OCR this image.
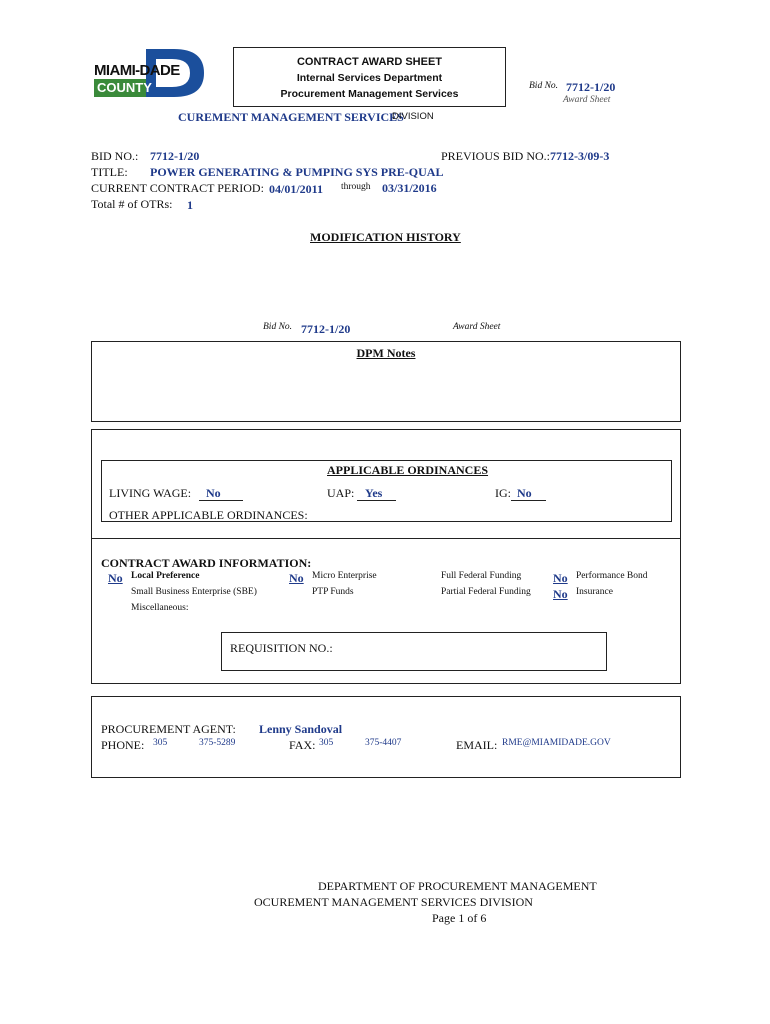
MIAMI-DADE
COUNTY
CONTRACT AWARD SHEET
Internal Services Department
Procurement Management Services
Bid No. 7712-1/20
Award Sheet
CUREMENT MANAGEMENT SERVICES
DIVISION
BID NO.: 7712-1/20	PREVIOUS BID NO.: 7712-3/09-3
TITLE: POWER GENERATING & PUMPING SYS PRE-QUAL
CURRENT CONTRACT PERIOD: 04/01/2011 through 03/31/2016
Total # of OTRs: 1
MODIFICATION HISTORY
Bid No. 7712-1/20	Award Sheet
DPM Notes
APPLICABLE ORDINANCES
LIVING WAGE: No	UAP: Yes	IG: No
OTHER APPLICABLE ORDINANCES:
CONTRACT AWARD INFORMATION:
No Local Preference	No Micro Enterprise	Full Federal Funding	No Performance Bond
Small Business Enterprise (SBE)	PTP Funds	Partial Federal Funding No Insurance
Miscellaneous:
REQUISITION NO.:
PROCUREMENT AGENT: Lenny Sandoval
PHONE: 305	375-5289	FAX: 305	375-4407	EMAIL: RME@MIAMIDADE.GOV
DEPARTMENT OF PROCUREMENT MANAGEMENT
OCUREMENT MANAGEMENT SERVICES DIVISION
Page 1 of 6
